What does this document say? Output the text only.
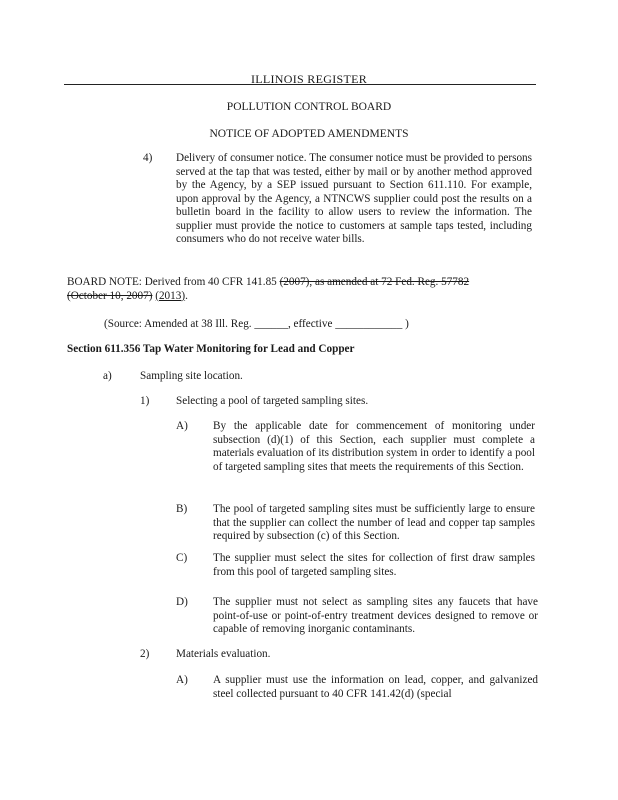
ILLINOIS REGISTER
POLLUTION CONTROL BOARD
NOTICE OF ADOPTED AMENDMENTS
4) Delivery of consumer notice. The consumer notice must be provided to persons served at the tap that was tested, either by mail or by another method approved by the Agency, by a SEP issued pursuant to Section 611.110. For example, upon approval by the Agency, a NTNCWS supplier could post the results on a bulletin board in the facility to allow users to review the information. The supplier must provide the notice to customers at sample taps tested, including consumers who do not receive water bills.
BOARD NOTE: Derived from 40 CFR 141.85 (2007), as amended at 72 Fed. Reg. 57782 (October 10, 2007) (2013).
(Source: Amended at 38 Ill. Reg. ______, effective ____________ )
Section 611.356 Tap Water Monitoring for Lead and Copper
a)	Sampling site location.
1) Selecting a pool of targeted sampling sites.
A) By the applicable date for commencement of monitoring under subsection (d)(1) of this Section, each supplier must complete a materials evaluation of its distribution system in order to identify a pool of targeted sampling sites that meets the requirements of this Section.
B) The pool of targeted sampling sites must be sufficiently large to ensure that the supplier can collect the number of lead and copper tap samples required by subsection (c) of this Section.
C) The supplier must select the sites for collection of first draw samples from this pool of targeted sampling sites.
D) The supplier must not select as sampling sites any faucets that have point-of-use or point-of-entry treatment devices designed to remove or capable of removing inorganic contaminants.
2) Materials evaluation.
A) A supplier must use the information on lead, copper, and galvanized steel collected pursuant to 40 CFR 141.42(d) (special
